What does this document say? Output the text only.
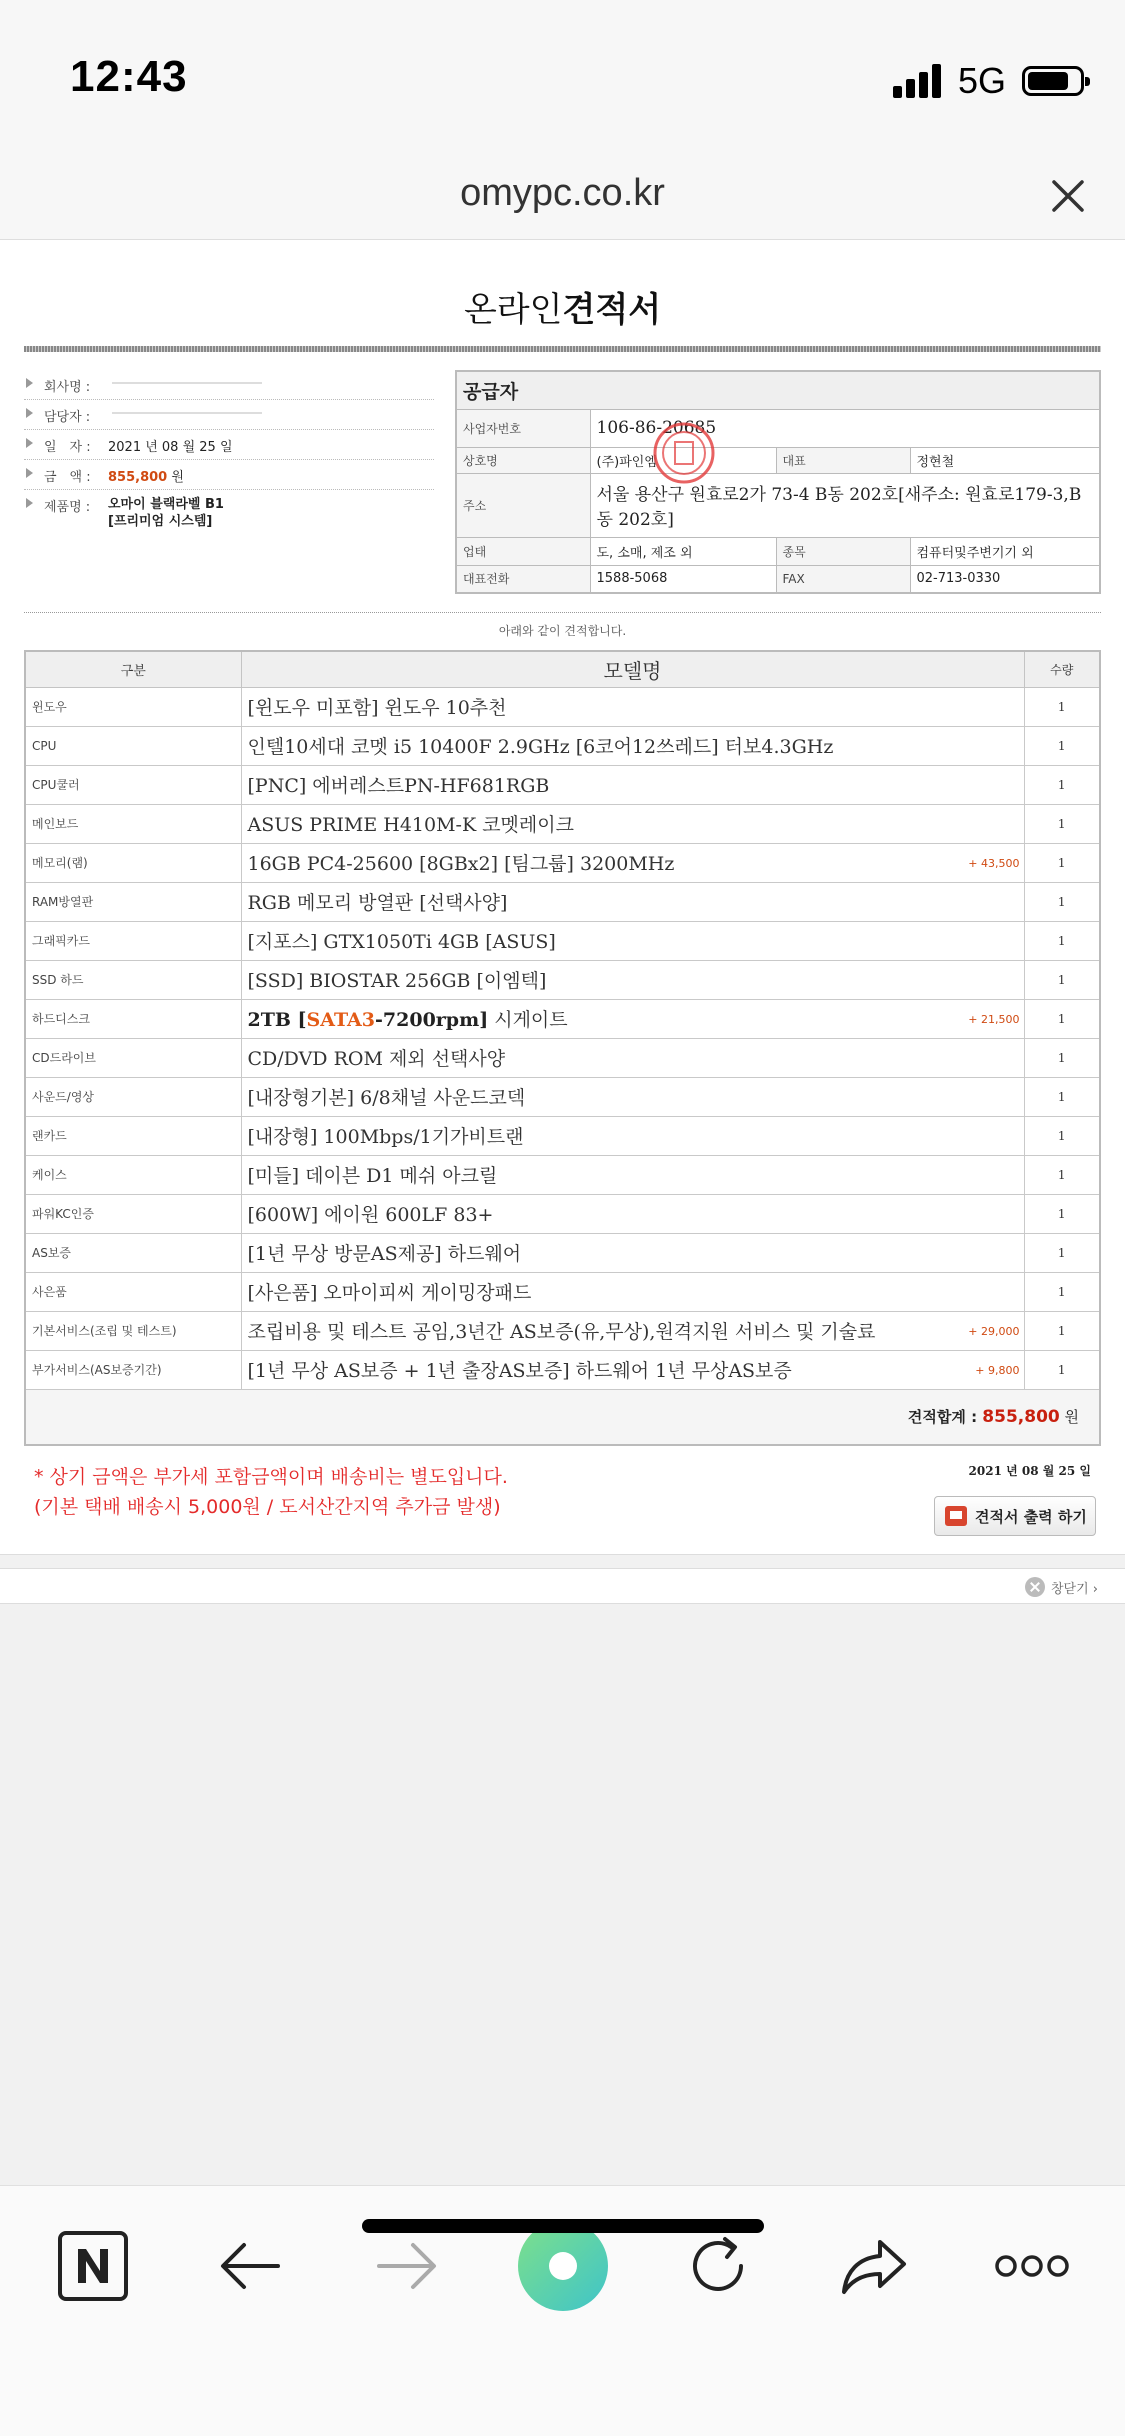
12:43	5G
omypc.co.kr
온라인견적서
회사명 :
담당자 :
일　자 : 2021 년 08 월 25 일
금　액 : 855,800 원
제품명 : 오마이 블랙라벨 B1
[프리미엄 시스템]
공급자			
사업자번호	106-86-20685		
상호명	(주)파인엠	대표	정현철
주소	서울 용산구 원효로2가 73-4 B동 202호[새주소: 원효로179-3,B동 202호]		
업태	도, 소매, 제조 외	종목	컴퓨터및주변기기 외
대표전화	1588-5068	FAX	02-713-0330
아래와 같이 견적합니다.
구분	모델명	수량
윈도우	[윈도우 미포함] 윈도우 10추천	1
CPU	인텔10세대 코멧 i5 10400F 2.9GHz [6코어12쓰레드] 터보4.3GHz	1
CPU쿨러	[PNC] 에버레스트PN-HF681RGB	1
메인보드	ASUS PRIME H410M-K 코멧레이크	1
메모리(램)	16GB PC4-25600 [8GBx2] [팀그룹] 3200MHz + 43,500	1
RAM방열판	RGB 메모리 방열판 [선택사양]	1
그래픽카드	[지포스] GTX1050Ti 4GB [ASUS]	1
SSD 하드	[SSD] BIOSTAR 256GB [이엠텍]	1
하드디스크	2TB [SATA3-7200rpm] 시게이트 + 21,500	1
CD드라이브	CD/DVD ROM 제외 선택사양	1
사운드/영상	[내장형기본] 6/8채널 사운드코덱	1
랜카드	[내장형] 100Mbps/1기가비트랜	1
케이스	[미들] 데이븐 D1 메쉬 아크릴	1
파워KC인증	[600W] 에이원 600LF 83+	1
AS보증	[1년 무상 방문AS제공] 하드웨어	1
사은품	[사은품] 오마이피씨 게이밍장패드	1
기본서비스(조립 및 테스트)	조립비용 및 테스트 공임,3년간 AS보증(유,무상),원격지원 서비스 및 기술료 + 29,000	1
부가서비스(AS보증기간)	[1년 무상 AS보증 + 1년 출장AS보증] 하드웨어 1년 무상AS보증 + 9,800	1
견적합계 : 855,800 원		
* 상기 금액은 부가세 포함금액이며 배송비는 별도입니다.
(기본 택배 배송시 5,000원 / 도서산간지역 추가금 발생)
2021 년 08 월 25 일
견적서 출력 하기
창닫기 ›
